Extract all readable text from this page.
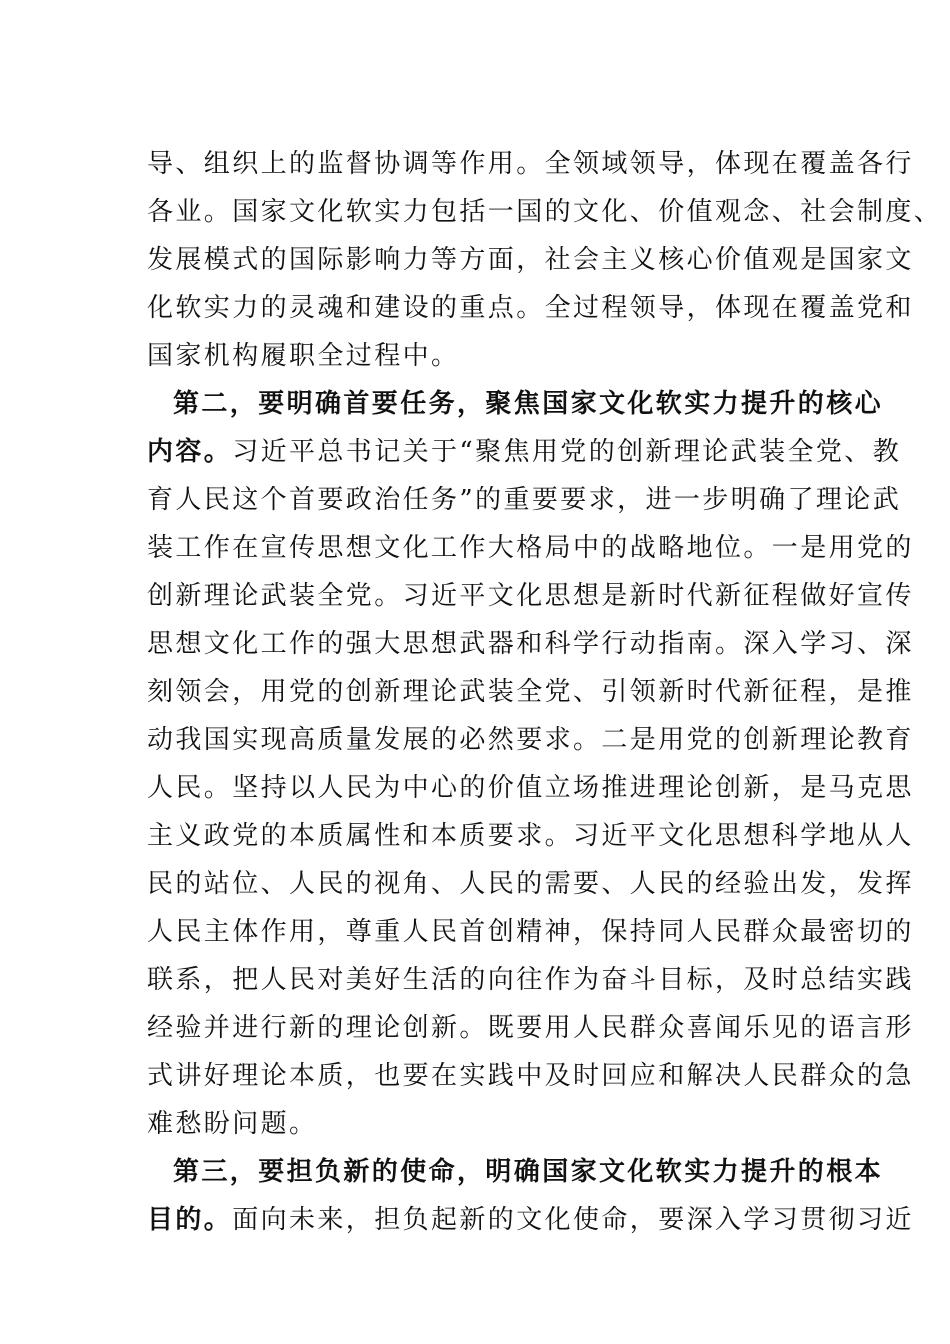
导、组织上的监督协调等作用。全领域领导，体现在覆盖各行
各业。国家文化软实力包括一国的文化、价值观念、社会制度、
发展模式的国际影响力等方面，社会主义核心价值观是国家文
化软实力的灵魂和建设的重点。全过程领导，体现在覆盖党和
国家机构履职全过程中。
第二，要明确首要任务，聚焦国家文化软实力提升的核心
内容。习近平总书记关于“聚焦用党的创新理论武装全党、教
育人民这个首要政治任务”的重要要求，进一步明确了理论武
装工作在宣传思想文化工作大格局中的战略地位。一是用党的
创新理论武装全党。习近平文化思想是新时代新征程做好宣传
思想文化工作的强大思想武器和科学行动指南。深入学习、深
刻领会，用党的创新理论武装全党、引领新时代新征程，是推
动我国实现高质量发展的必然要求。二是用党的创新理论教育
人民。坚持以人民为中心的价值立场推进理论创新，是马克思
主义政党的本质属性和本质要求。习近平文化思想科学地从人
民的站位、人民的视角、人民的需要、人民的经验出发，发挥
人民主体作用，尊重人民首创精神，保持同人民群众最密切的
联系，把人民对美好生活的向往作为奋斗目标，及时总结实践
经验并进行新的理论创新。既要用人民群众喜闻乐见的语言形
式讲好理论本质，也要在实践中及时回应和解决人民群众的急
难愁盼问题。
第三，要担负新的使命，明确国家文化软实力提升的根本
目的。面向未来，担负起新的文化使命，要深入学习贯彻习近
